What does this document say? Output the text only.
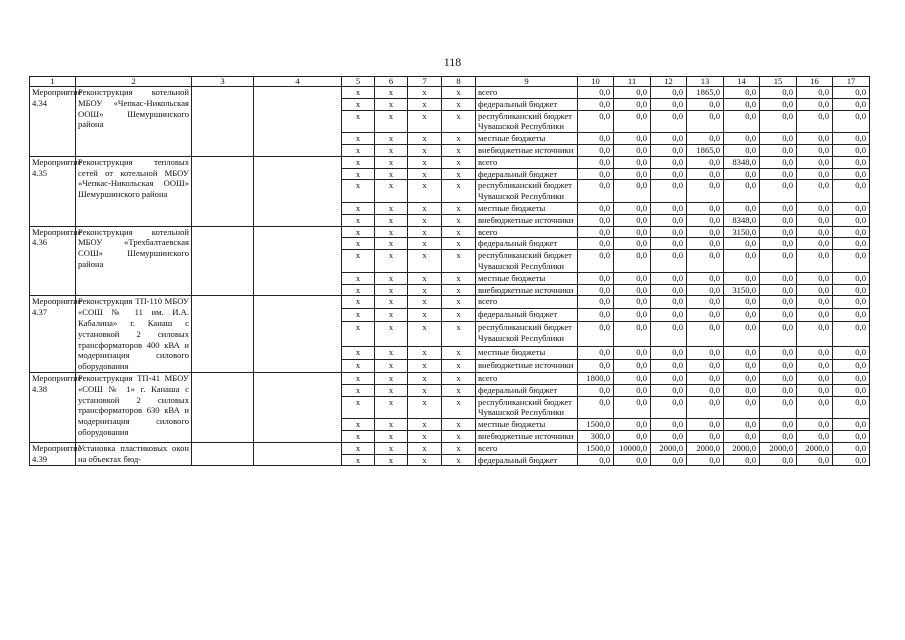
118
1	2	3	4	5	6	7	8	9	10	11	12	13	14	15	16	17
Мероприятие 4.34	Реконструкция котельной МБОУ «Чепкас-Никольская ООШ» Шемуршинского района			x	x	x	x	всего	0,0	0,0	0,0	1865,0	0,0	0,0	0,0	0,0
				x	x	x	x	федеральный бюджет	0,0	0,0	0,0	0,0	0,0	0,0	0,0	0,0
				x	x	x	x	республиканский бюджет Чувашской Республики	0,0	0,0	0,0	0,0	0,0	0,0	0,0	0,0
				x	x	x	x	местные бюджеты	0,0	0,0	0,0	0,0	0,0	0,0	0,0	0,0
				x	x	x	x	внебюджетные источники	0,0	0,0	0,0	1865,0	0,0	0,0	0,0	0,0
Мероприятие 4.35	Реконструкция тепловых сетей от котельной МБОУ «Чепкас-Никольская ООШ» Шемуршинского района			x	x	x	x	всего	0,0	0,0	0,0	0,0	8348,0	0,0	0,0	0,0
				x	x	x	x	федеральный бюджет	0,0	0,0	0,0	0,0	0,0	0,0	0,0	0,0
				x	x	x	x	республиканский бюджет Чувашской Республики	0,0	0,0	0,0	0,0	0,0	0,0	0,0	0,0
				x	x	x	x	местные бюджеты	0,0	0,0	0,0	0,0	0,0	0,0	0,0	0,0
				x	x	x	x	внебюджетные источники	0,0	0,0	0,0	0,0	8348,0	0,0	0,0	0,0
Мероприятие 4.36	Реконструкция котельной МБОУ «Трехбалтаевская СОШ» Шемуршинского района			x	x	x	x	всего	0,0	0,0	0,0	0,0	3150,0	0,0	0,0	0,0
				x	x	x	x	федеральный бюджет	0,0	0,0	0,0	0,0	0,0	0,0	0,0	0,0
				x	x	x	x	республиканский бюджет Чувашской Республики	0,0	0,0	0,0	0,0	0,0	0,0	0,0	0,0
				x	x	x	x	местные бюджеты	0,0	0,0	0,0	0,0	0,0	0,0	0,0	0,0
				x	x	x	x	внебюджетные источники	0,0	0,0	0,0	0,0	3150,0	0,0	0,0	0,0
Мероприятие 4.37	Реконструкция ТП-110 МБОУ «СОШ № 11 им. И.А. Кабалина» г. Канаш с установкой 2 силовых трансформаторов 400 кВА и модернизация силового оборудования			x	x	x	x	всего	0,0	0,0	0,0	0,0	0,0	0,0	0,0	0,0
				x	x	x	x	федеральный бюджет	0,0	0,0	0,0	0,0	0,0	0,0	0,0	0,0
				x	x	x	x	республиканский бюджет Чувашской Республики	0,0	0,0	0,0	0,0	0,0	0,0	0,0	0,0
				x	x	x	x	местные бюджеты	0,0	0,0	0,0	0,0	0,0	0,0	0,0	0,0
				x	x	x	x	внебюджетные источники	0,0	0,0	0,0	0,0	0,0	0,0	0,0	0,0
Мероприятие 4.38	Реконструкция ТП-41 МБОУ «СОШ № 1» г. Канаша с установкой 2 силовых трансформаторов 630 кВА и модернизация силового оборудования			x	x	x	x	всего	1800,0	0,0	0,0	0,0	0,0	0,0	0,0	0,0
				x	x	x	x	федеральный бюджет	0,0	0,0	0,0	0,0	0,0	0,0	0,0	0,0
				x	x	x	x	республиканский бюджет Чувашской Республики	0,0	0,0	0,0	0,0	0,0	0,0	0,0	0,0
				x	x	x	x	местные бюджеты	1500,0	0,0	0,0	0,0	0,0	0,0	0,0	0,0
				x	x	x	x	внебюджетные источники	300,0	0,0	0,0	0,0	0,0	0,0	0,0	0,0
Мероприятие 4.39	Установка пластиковых окон на объектах бюд-			x	x	x	x	всего	1500,0	10000,0	2000,0	2000,0	2000,0	2000,0	2000,0	0,0
				x	x	x	x	федеральный бюджет	0,0	0,0	0,0	0,0	0,0	0,0	0,0	0,0
